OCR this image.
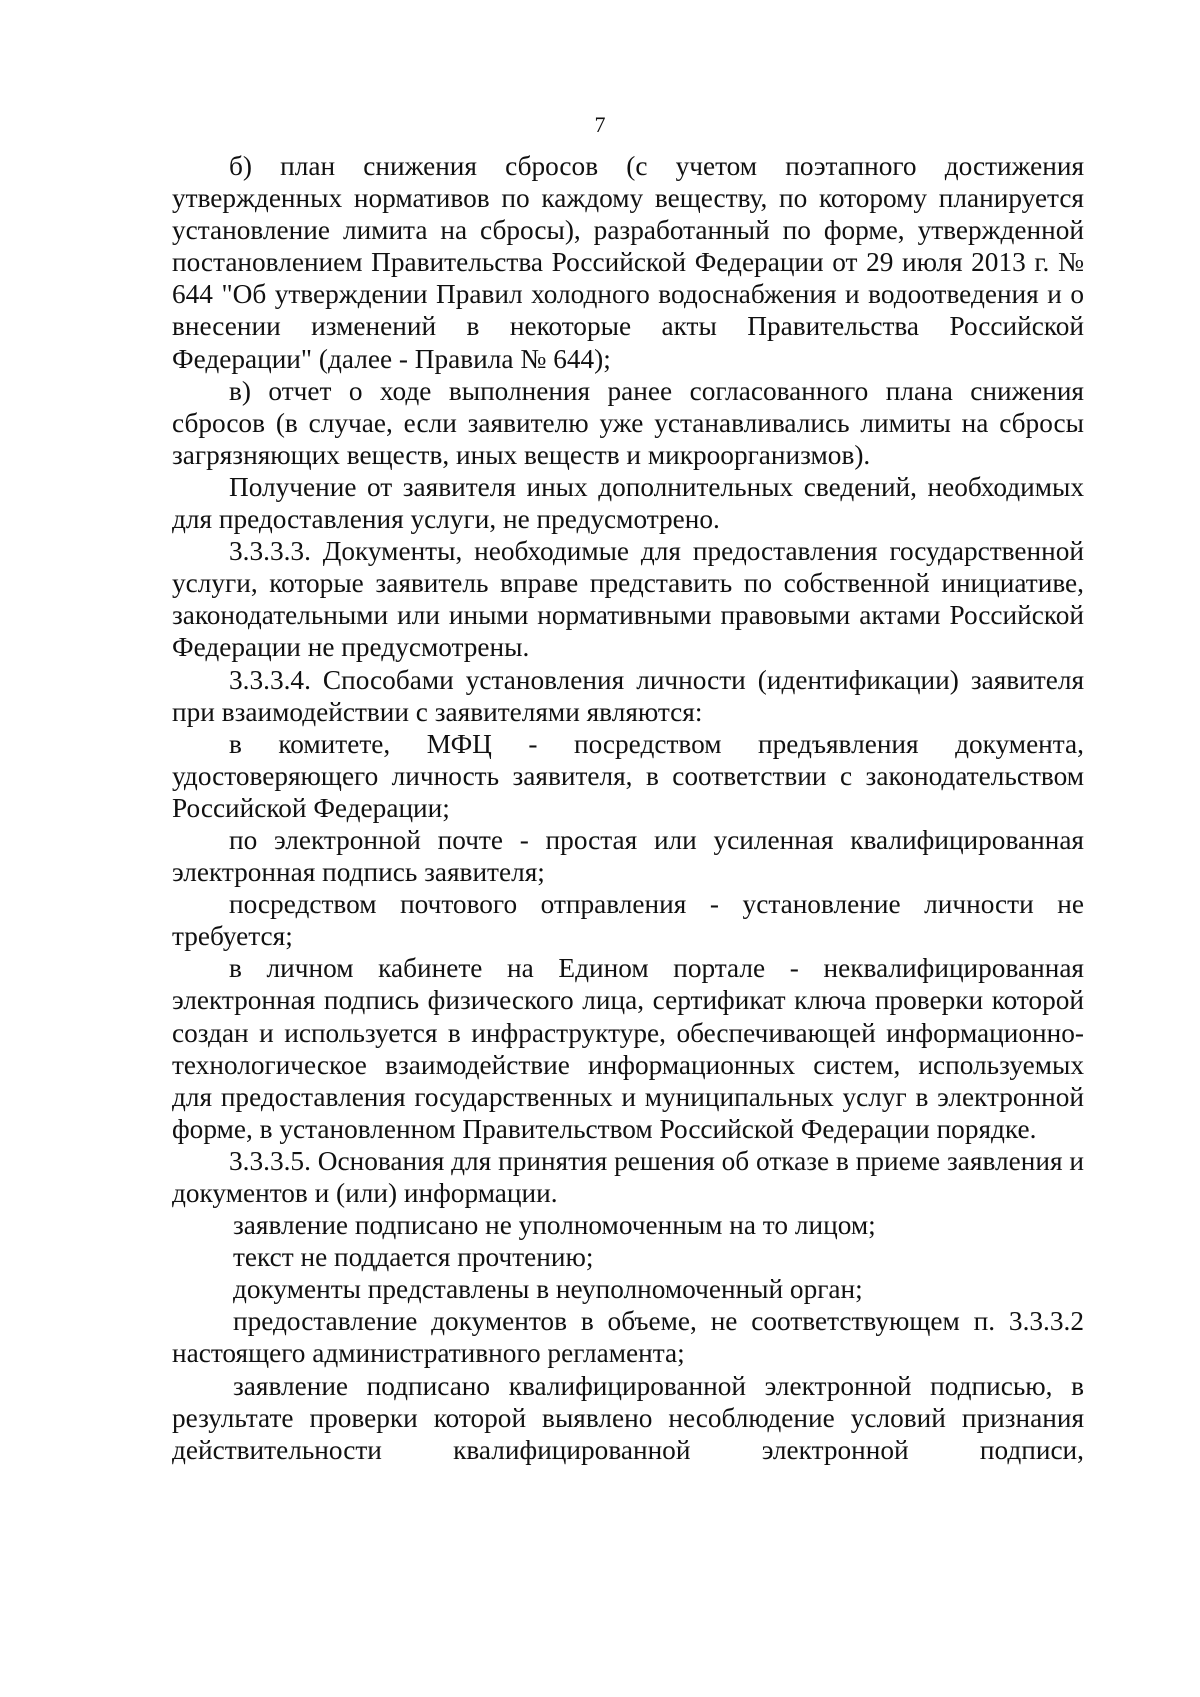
7

б) план снижения сбросов (с учетом поэтапного достижения утвержденных нормативов по каждому веществу, по которому планируется установление лимита на сбросы), разработанный по форме, утвержденной постановлением Правительства Российской Федерации от 29 июля 2013 г. № 644 "Об утверждении Правил холодного водоснабжения и водоотведения и о внесении изменений в некоторые акты Правительства Российской Федерации" (далее - Правила № 644);

в) отчет о ходе выполнения ранее согласованного плана снижения сбросов (в случае, если заявителю уже устанавливались лимиты на сбросы загрязняющих веществ, иных веществ и микроорганизмов).

Получение от заявителя иных дополнительных сведений, необходимых для предоставления услуги, не предусмотрено.

3.3.3.3. Документы, необходимые для предоставления государственной услуги, которые заявитель вправе представить по собственной инициативе, законодательными или иными нормативными правовыми актами Российской Федерации не предусмотрены.

3.3.3.4. Способами установления личности (идентификации) заявителя при взаимодействии с заявителями являются:

в комитете, МФЦ - посредством предъявления документа, удостоверяющего личность заявителя, в соответствии с законодательством Российской Федерации;

по электронной почте - простая или усиленная квалифицированная электронная подпись заявителя;

посредством почтового отправления - установление личности не требуется;

в личном кабинете на Едином портале - неквалифицированная электронная подпись физического лица, сертификат ключа проверки которой создан и используется в инфраструктуре, обеспечивающей информационно-технологическое взаимодействие информационных систем, используемых для предоставления государственных и муниципальных услуг в электронной форме, в установленном Правительством Российской Федерации порядке.

3.3.3.5. Основания для принятия решения об отказе в приеме заявления и документов и (или) информации.

заявление подписано не уполномоченным на то лицом;

текст не поддается прочтению;

документы представлены в неуполномоченный орган;

предоставление документов в объеме, не соответствующем п. 3.3.3.2 настоящего административного регламента;

заявление подписано квалифицированной электронной подписью, в результате проверки которой выявлено несоблюдение условий признания действительности квалифицированной электронной подписи,
